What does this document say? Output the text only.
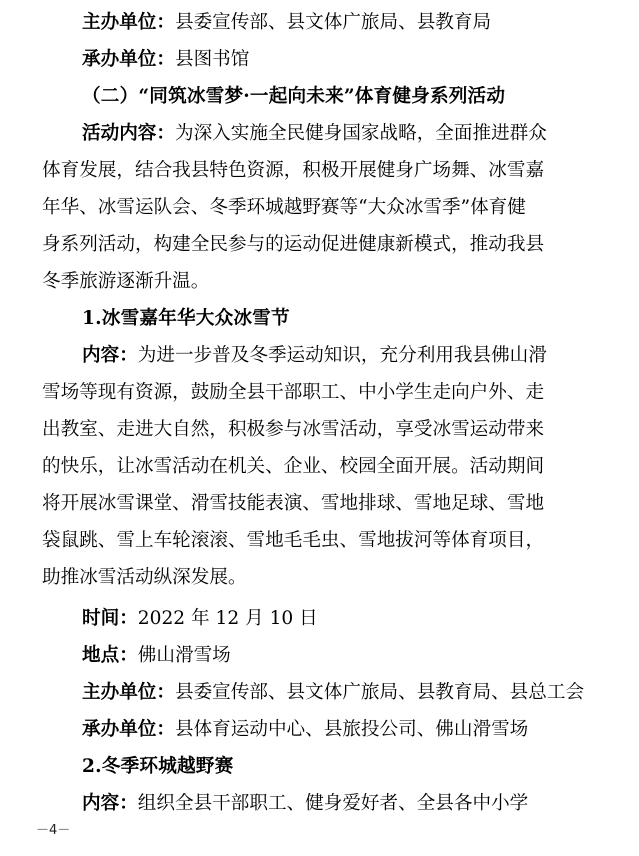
主办单位：县委宣传部、县文体广旅局、县教育局
承办单位：县图书馆
（二）“同筑冰雪梦·一起向未来”体育健身系列活动
活动内容：为深入实施全民健身国家战略，全面推进群众
体育发展，结合我县特色资源，积极开展健身广场舞、冰雪嘉
年华、冰雪运队会、冬季环城越野赛等“大众冰雪季”体育健
身系列活动，构建全民参与的运动促进健康新模式，推动我县
冬季旅游逐渐升温。
1.冰雪嘉年华大众冰雪节
内容：为进一步普及冬季运动知识，充分利用我县佛山滑
雪场等现有资源，鼓励全县干部职工、中小学生走向户外、走
出教室、走进大自然，积极参与冰雪活动，享受冰雪运动带来
的快乐，让冰雪活动在机关、企业、校园全面开展。活动期间
将开展冰雪课堂、滑雪技能表演、雪地排球、雪地足球、雪地
袋鼠跳、雪上车轮滚滚、雪地毛毛虫、雪地拔河等体育项目，
助推冰雪活动纵深发展。
时间：2022 年 12 月 10 日
地点：佛山滑雪场
主办单位：县委宣传部、县文体广旅局、县教育局、县总工会
承办单位：县体育运动中心、县旅投公司、佛山滑雪场
2.冬季环城越野赛
内容：组织全县干部职工、健身爱好者、全县各中小学
－4－
